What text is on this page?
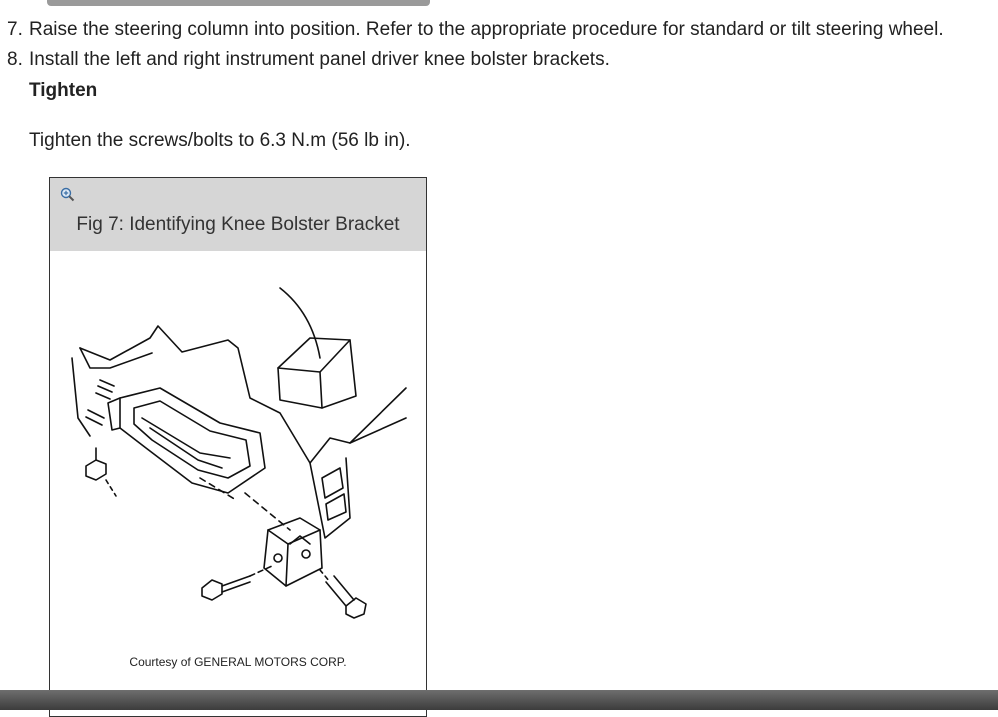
7. Raise the steering column into position. Refer to the appropriate procedure for standard or tilt steering wheel.
8. Install the left and right instrument panel driver knee bolster brackets.
Tighten
Tighten the screws/bolts to 6.3 N.m (56 lb in).
Fig 7: Identifying Knee Bolster Bracket
Courtesy of GENERAL MOTORS CORP.
